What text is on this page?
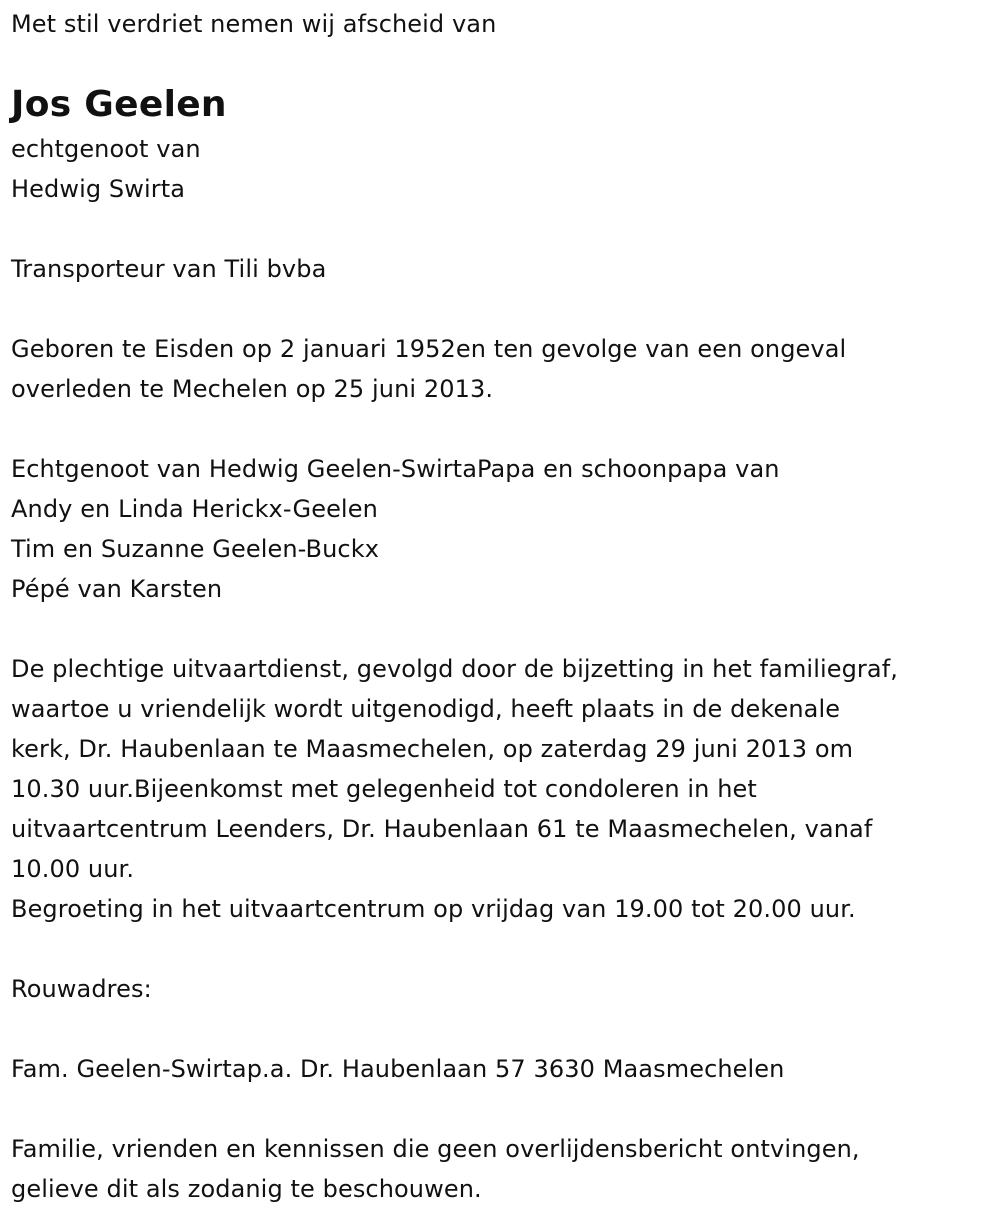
Met stil verdriet nemen wij afscheid van
Jos Geelen
echtgenoot van
Hedwig Swirta
Transporteur van Tili bvba
Geboren te Eisden op 2 januari 1952en ten gevolge van een ongeval
overleden te Mechelen op 25 juni 2013.
Echtgenoot van Hedwig Geelen-SwirtaPapa en schoonpapa van
Andy en Linda Herickx-Geelen
Tim en Suzanne Geelen-Buckx
Pépé van Karsten
De plechtige uitvaartdienst, gevolgd door de bijzetting in het familiegraf,
waartoe u vriendelijk wordt uitgenodigd, heeft plaats in de dekenale
kerk, Dr. Haubenlaan te Maasmechelen, op zaterdag 29 juni 2013 om
10.30 uur.Bijeenkomst met gelegenheid tot condoleren in het
uitvaartcentrum Leenders, Dr. Haubenlaan 61 te Maasmechelen, vanaf
10.00 uur.
Begroeting in het uitvaartcentrum op vrijdag van 19.00 tot 20.00 uur.
Rouwadres:
Fam. Geelen-Swirtap.a. Dr. Haubenlaan 57 3630 Maasmechelen
Familie, vrienden en kennissen die geen overlijdensbericht ontvingen,
gelieve dit als zodanig te beschouwen.
